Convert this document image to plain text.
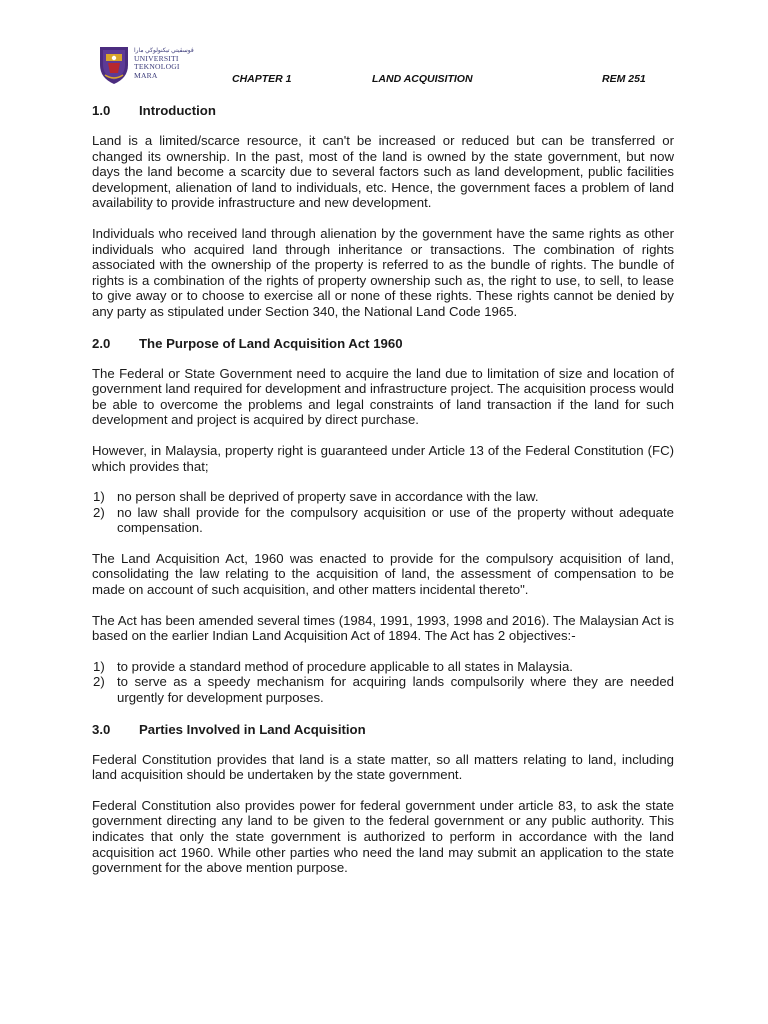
ڤوسڤيتي تيكنولوڬي مارا
UNIVERSITI
TEKNOLOGI
MARA	CHAPTER 1	LAND ACQUISITION	REM 251
1.0	Introduction

Land is a limited/scarce resource, it can't be increased or reduced but can be transferred or changed its ownership. In the past, most of the land is owned by the state government, but now days the land become a scarcity due to several factors such as land development, public facilities development, alienation of land to individuals, etc. Hence, the government faces a problem of land availability to provide infrastructure and new development.

Individuals who received land through alienation by the government have the same rights as other individuals who acquired land through inheritance or transactions. The combination of rights associated with the ownership of the property is referred to as the bundle of rights. The bundle of rights is a combination of the rights of property ownership such as, the right to use, to sell, to lease to give away or to choose to exercise all or none of these rights. These rights cannot be denied by any party as stipulated under Section 340, the National Land Code 1965.

2.0	The Purpose of Land Acquisition Act 1960

The Federal or State Government need to acquire the land due to limitation of size and location of government land required for development and infrastructure project. The acquisition process would be able to overcome the problems and legal constraints of land transaction if the land for such development and project is acquired by direct purchase.

However, in Malaysia, property right is guaranteed under Article 13 of the Federal Constitution (FC) which provides that;

1) no person shall be deprived of property save in accordance with the law.
2) no law shall provide for the compulsory acquisition or use of the property without adequate compensation.

The Land Acquisition Act, 1960 was enacted to provide for the compulsory acquisition of land, consolidating the law relating to the acquisition of land, the assessment of compensation to be made on account of such acquisition, and other matters incidental thereto".

The Act has been amended several times (1984, 1991, 1993, 1998 and 2016). The Malaysian Act is based on the earlier Indian Land Acquisition Act of 1894. The Act has 2 objectives:-

1) to provide a standard method of procedure applicable to all states in Malaysia.
2) to serve as a speedy mechanism for acquiring lands compulsorily where they are needed urgently for development purposes.
3.0	Parties Involved in Land Acquisition

Federal Constitution provides that land is a state matter, so all matters relating to land, including land acquisition should be undertaken by the state government.

Federal Constitution also provides power for federal government under article 83, to ask the state government directing any land to be given to the federal government or any public authority. This indicates that only the state government is authorized to perform in accordance with the land acquisition act 1960. While other parties who need the land may submit an application to the state government for the above mention purpose.
